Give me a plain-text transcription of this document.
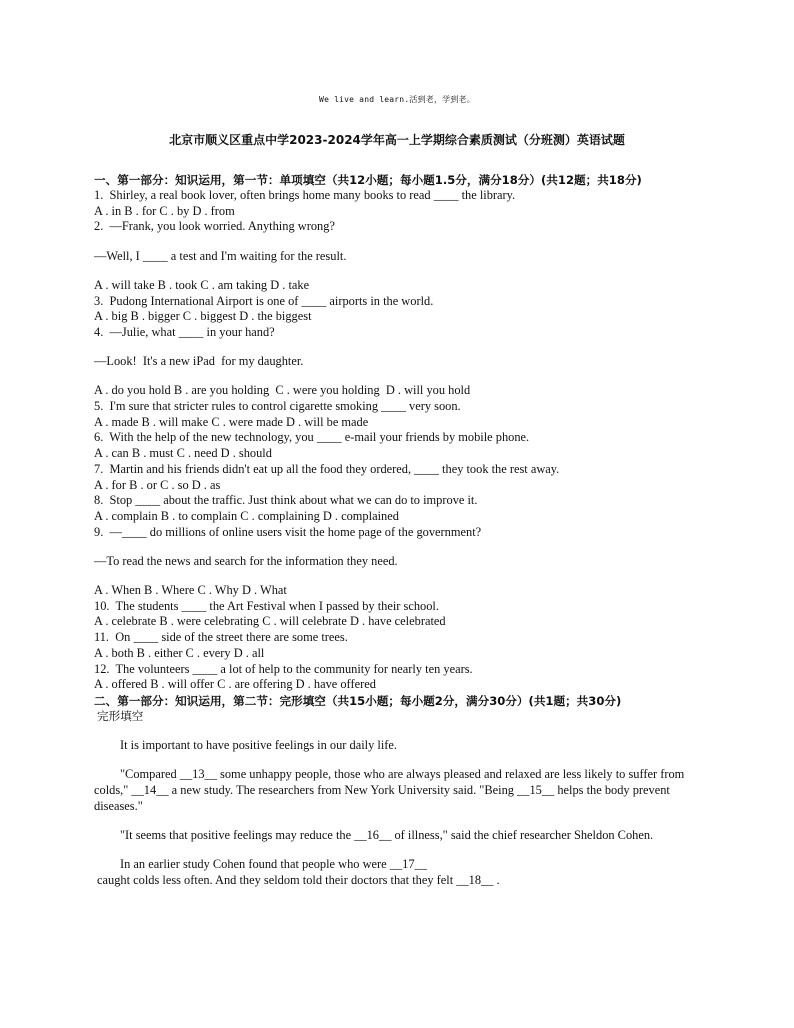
We live and learn.活到老，学到老。
北京市顺义区重点中学2023-2024学年高一上学期综合素质测试（分班测）英语试题
一、第一部分：知识运用，第一节：单项填空（共12小题；每小题1.5分，满分18分）(共12题；共18分)
1.  Shirley, a real book lover, often brings home many books to read ____ the library.
A . in B . for C . by D . from
2.  —Frank, you look worried. Anything wrong?
—Well, I ____ a test and I'm waiting for the result.
A . will take B . took C . am taking D . take
3.  Pudong International Airport is one of ____ airports in the world.
A . big B . bigger C . biggest D . the biggest
4.  —Julie, what ____ in your hand?
—Look!  It's a new iPad  for my daughter.
A . do you hold B . are you holding  C . were you holding  D . will you hold
5.  I'm sure that stricter rules to control cigarette smoking ____ very soon.
A . made B . will make C . were made D . will be made
6.  With the help of the new technology, you ____ e-mail your friends by mobile phone.
A . can B . must C . need D . should
7.  Martin and his friends didn't eat up all the food they ordered, ____ they took the rest away.
A . for B . or C . so D . as
8.  Stop ____ about the traffic. Just think about what we can do to improve it.
A . complain B . to complain C . complaining D . complained
9.  —____ do millions of online users visit the home page of the government?
—To read the news and search for the information they need.
A . When B . Where C . Why D . What
10.  The students ____ the Art Festival when I passed by their school.
A . celebrate B . were celebrating C . will celebrate D . have celebrated
11.  On ____ side of the street there are some trees.
A . both B . either C . every D . all
12.  The volunteers ____ a lot of help to the community for nearly ten years.
A . offered B . will offer C . are offering D . have offered
二、第一部分：知识运用，第二节：完形填空（共15小题；每小题2分，满分30分）(共1题；共30分)
完形填空
It is important to have positive feelings in our daily life.
"Compared __13__ some unhappy people, those who are always pleased and relaxed are less likely to suffer from colds," __14__ a new study. The researchers from New York University said. "Being __15__ helps the body prevent diseases."
"It seems that positive feelings may reduce the __16__ of illness," said the chief researcher Sheldon Cohen.
In an earlier study Cohen found that people who were __17__
caught colds less often. And they seldom told their doctors that they felt __18__ .
